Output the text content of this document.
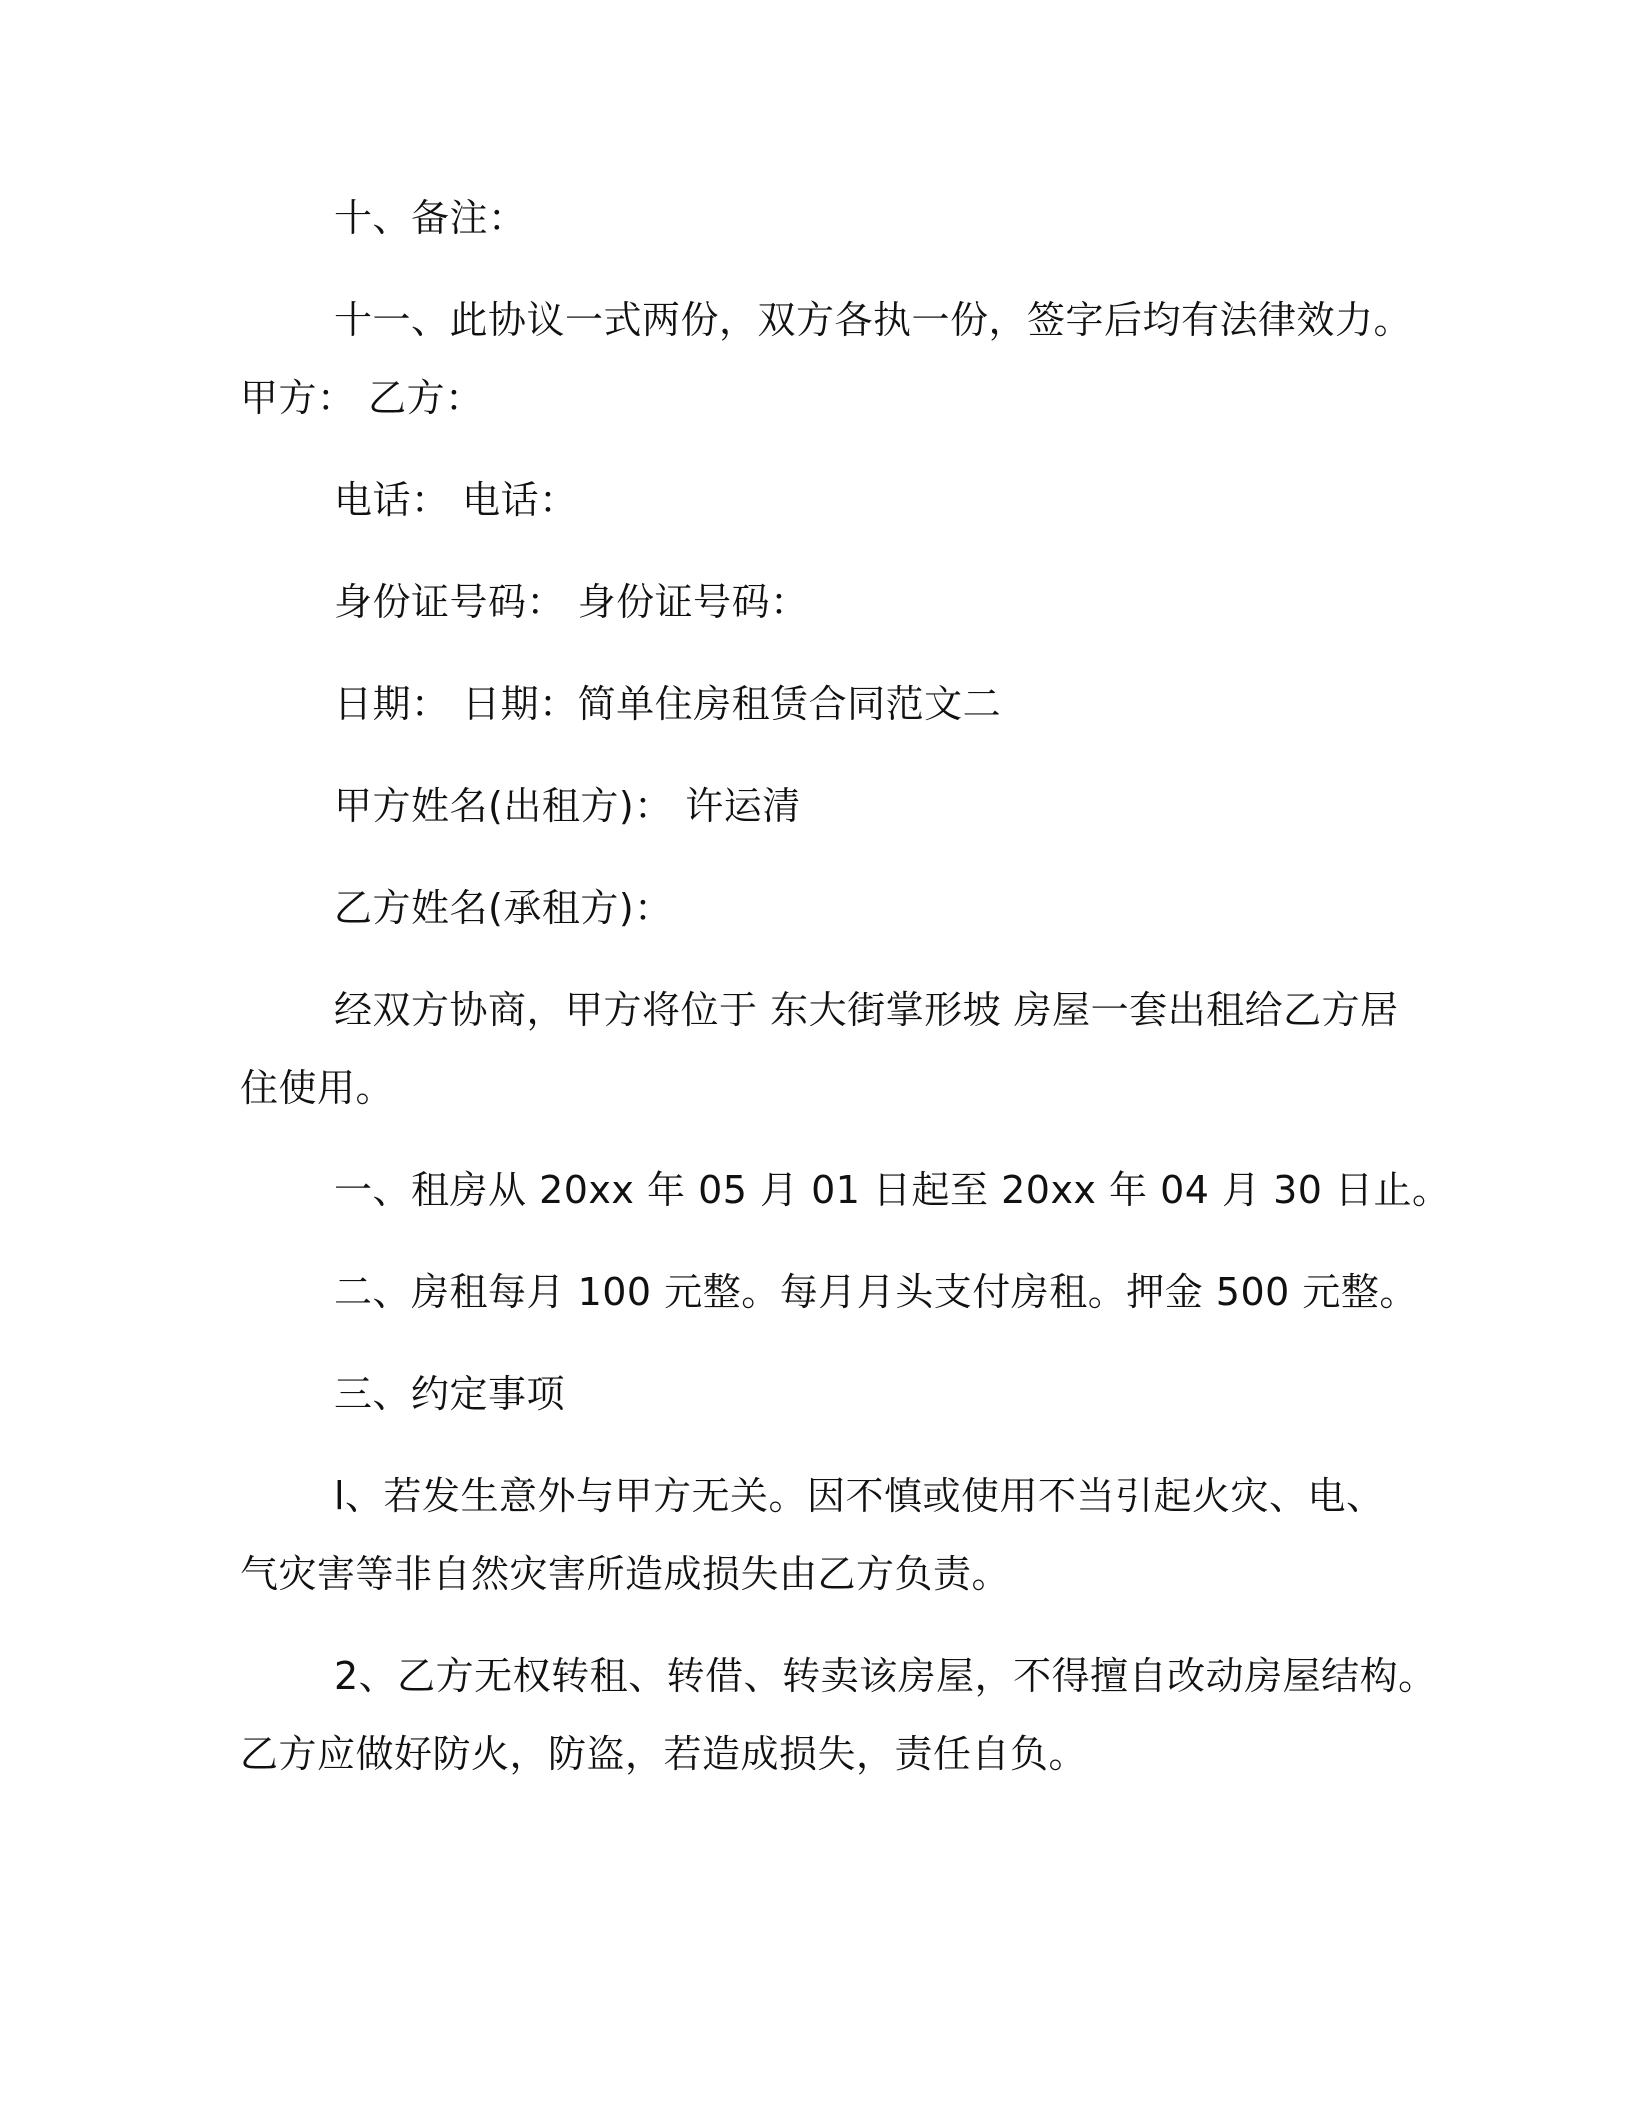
十、备注：

十一、此协议一式两份，双方各执一份，签字后均有法律效力。

甲方： 乙方：

电话： 电话：

身份证号码： 身份证号码：

日期： 日期：简单住房租赁合同范文二

甲方姓名(出租方)： 许运清

乙方姓名(承租方)：

经双方协商，甲方将位于 东大街掌形坡 房屋一套出租给乙方居

住使用。

一、租房从 20xx 年 05 月 01 日起至 20xx 年 04 月 30 日止。

二、房租每月 100 元整。每月月头支付房租。押金 500 元整。

三、约定事项

l、若发生意外与甲方无关。因不慎或使用不当引起火灾、电、

气灾害等非自然灾害所造成损失由乙方负责。

2、乙方无权转租、转借、转卖该房屋，不得擅自改动房屋结构。

乙方应做好防火，防盗，若造成损失，责任自负。
